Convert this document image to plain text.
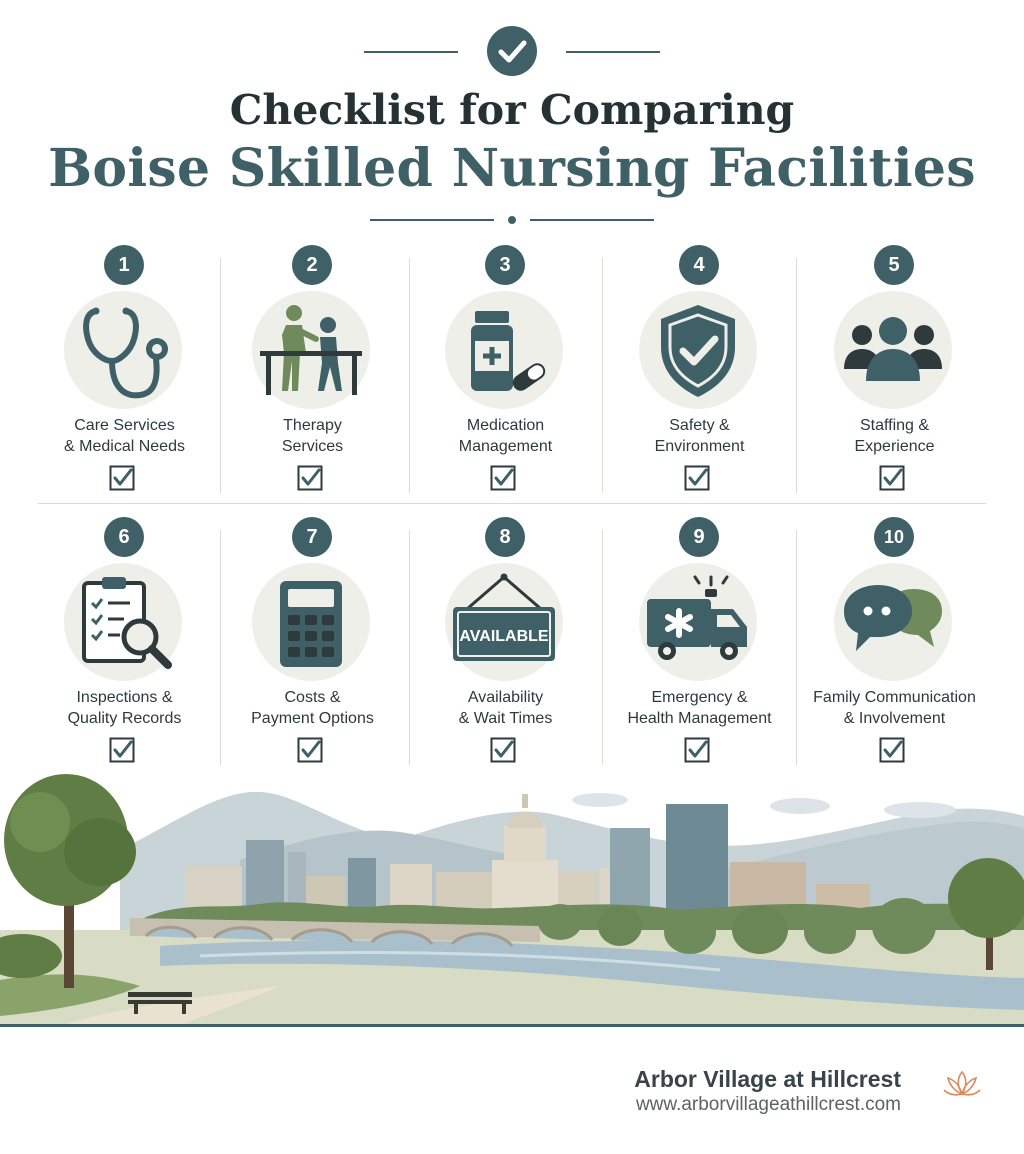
Checklist for Comparing
Boise Skilled Nursing Facilities
1
Care Services
& Medical Needs
2
Therapy
Services
3
Medication
Management
4
Safety &
Environment
5
Staffing &
Experience
6
Inspections &
Quality Records
7
Costs &
Payment Options
8
AVAILABLE
Availability
& Wait Times
9
Emergency &
Health Management
10
Family Communication
& Involvement
Arbor Village at Hillcrest
www.arborvillageathillcrest.com
